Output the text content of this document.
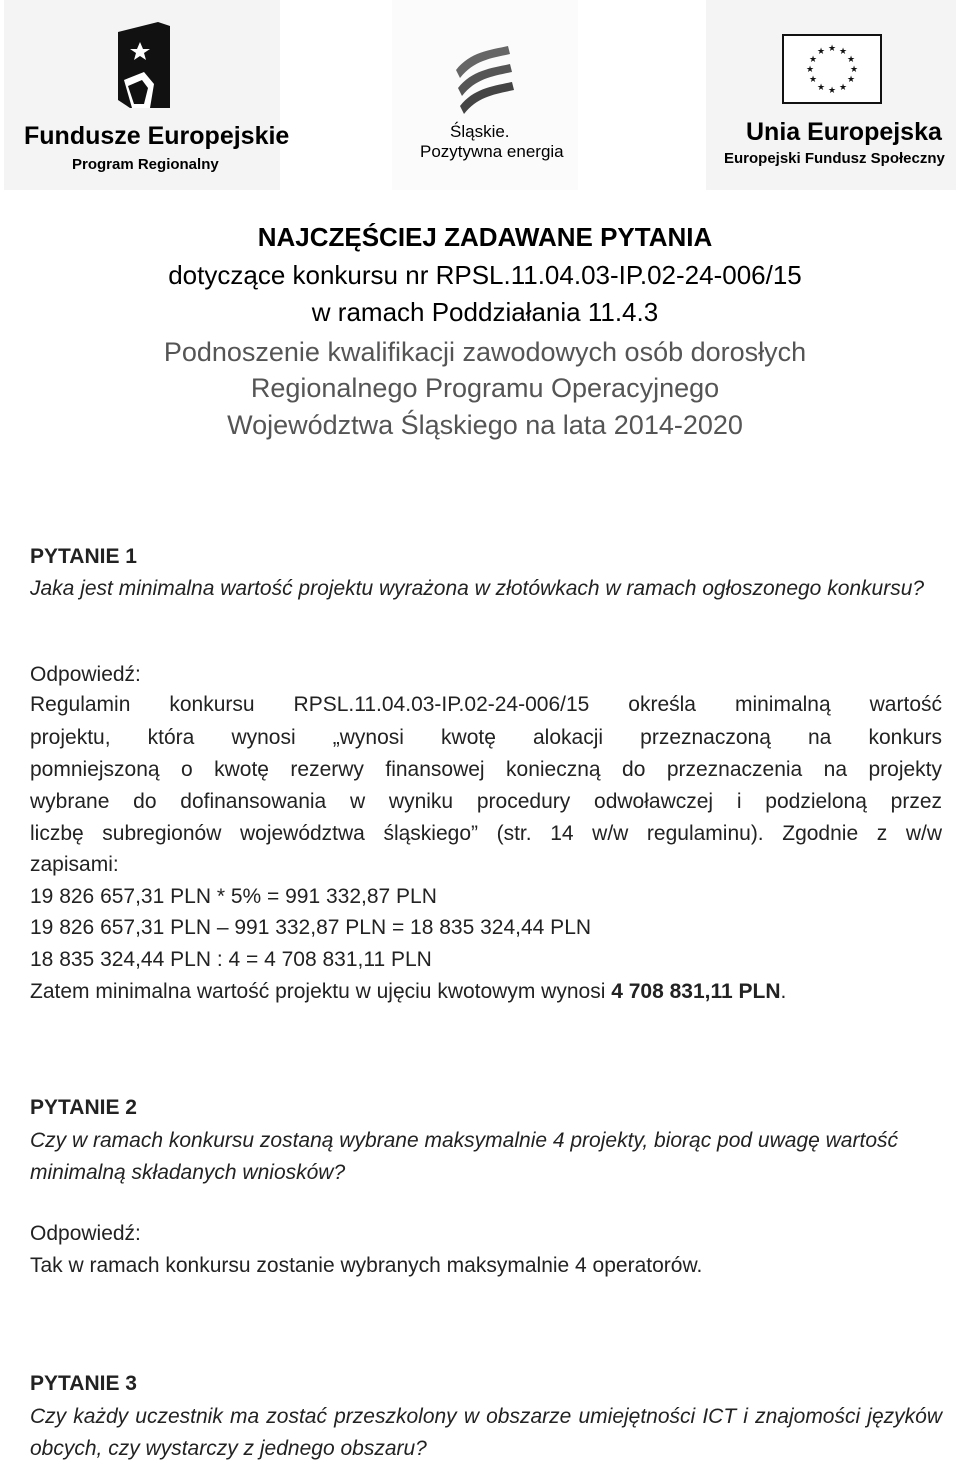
Fundusze Europejskie
Program Regionalny
Śląskie.
Pozytywna energia
★ ★
★
★
★
★
★
★
★
★
★
★
Unia Europejska
Europejski Fundusz Społeczny
NAJCZĘŚCIEJ ZADAWANE PYTANIA
dotyczące konkursu nr RPSL.11.04.03-IP.02-24-006/15
w ramach Poddziałania 11.4.3
Podnoszenie kwalifikacji zawodowych osób dorosłych
Regionalnego Programu Operacyjnego
Województwa Śląskiego na lata 2014-2020
PYTANIE 1
Jaka jest minimalna wartość projektu wyrażona w złotówkach w ramach ogłoszonego konkursu?
Odpowiedź:
Regulamin konkursu RPSL.11.04.03-IP.02-24-006/15 określa minimalną wartość
projektu, która wynosi „wynosi kwotę alokacji przeznaczoną na konkurs
pomniejszoną o kwotę rezerwy finansowej konieczną do przeznaczenia na projekty
wybrane do dofinansowania w wyniku procedury odwoławczej i podzieloną przez
liczbę subregionów województwa śląskiego” (str. 14 w/w regulaminu). Zgodnie z w/w
zapisami:
19 826 657,31 PLN * 5% = 991 332,87 PLN
19 826 657,31 PLN – 991 332,87 PLN = 18 835 324,44 PLN
18 835 324,44 PLN : 4 = 4 708 831,11 PLN
Zatem minimalna wartość projektu w ujęciu kwotowym wynosi 4 708 831,11 PLN.
PYTANIE 2
Czy w ramach konkursu zostaną wybrane maksymalnie 4 projekty, biorąc pod uwagę wartość minimalną składanych wniosków?
Odpowiedź:
Tak w ramach konkursu zostanie wybranych maksymalnie 4 operatorów.
PYTANIE 3
Czy każdy uczestnik ma zostać przeszkolony w obszarze umiejętności ICT i znajomości języków obcych, czy wystarczy z jednego obszaru?
